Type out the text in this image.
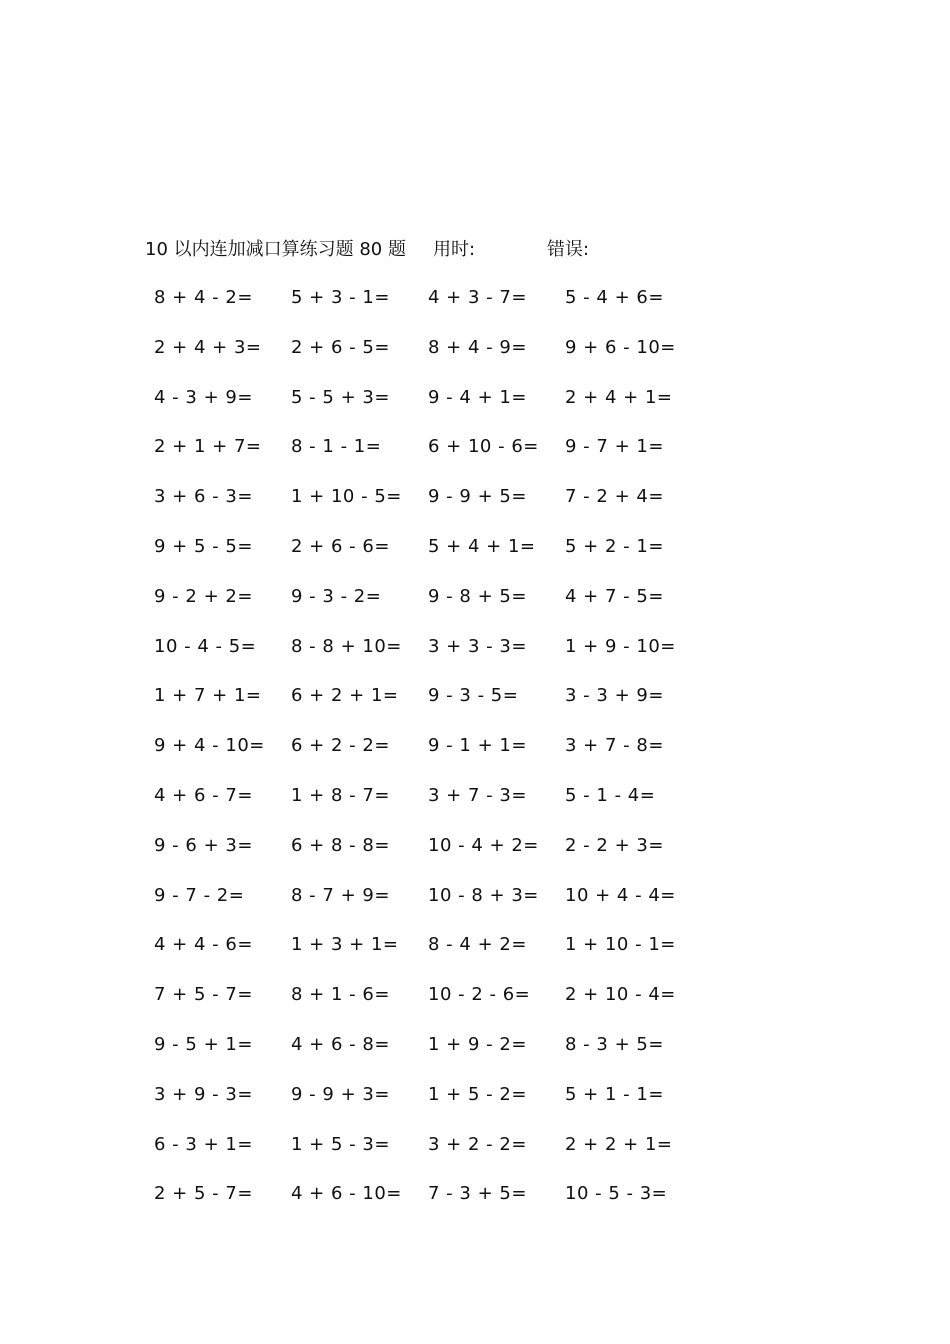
10 以内连加减口算练习题 80 题 用时:	错误:
8 + 4 - 2=	5 + 3 - 1=	4 + 3 - 7=	5 - 4 + 6=
2 + 4 + 3=	2 + 6 - 5=	8 + 4 - 9=	9 + 6 - 10=
4 - 3 + 9=	5 - 5 + 3=	9 - 4 + 1=	2 + 4 + 1=
2 + 1 + 7=	8 - 1 - 1=	6 + 10 - 6=	9 - 7 + 1=
3 + 6 - 3=	1 + 10 - 5=	9 - 9 + 5=	7 - 2 + 4=
9 + 5 - 5=	2 + 6 - 6=	5 + 4 + 1=	5 + 2 - 1=
9 - 2 + 2=	9 - 3 - 2=	9 - 8 + 5=	4 + 7 - 5=
10 - 4 - 5=	8 - 8 + 10=	3 + 3 - 3=	1 + 9 - 10=
1 + 7 + 1=	6 + 2 + 1=	9 - 3 - 5=	3 - 3 + 9=
9 + 4 - 10=	6 + 2 - 2=	9 - 1 + 1=	3 + 7 - 8=
4 + 6 - 7=	1 + 8 - 7=	3 + 7 - 3=	5 - 1 - 4=
9 - 6 + 3=	6 + 8 - 8=	10 - 4 + 2=	2 - 2 + 3=
9 - 7 - 2=	8 - 7 + 9=	10 - 8 + 3=	10 + 4 - 4=
4 + 4 - 6=	1 + 3 + 1=	8 - 4 + 2=	1 + 10 - 1=
7 + 5 - 7=	8 + 1 - 6=	10 - 2 - 6=	2 + 10 - 4=
9 - 5 + 1=	4 + 6 - 8=	1 + 9 - 2=	8 - 3 + 5=
3 + 9 - 3=	9 - 9 + 3=	1 + 5 - 2=	5 + 1 - 1=
6 - 3 + 1=	1 + 5 - 3=	3 + 2 - 2=	2 + 2 + 1=
2 + 5 - 7=	4 + 6 - 10=	7 - 3 + 5=	10 - 5 - 3=
